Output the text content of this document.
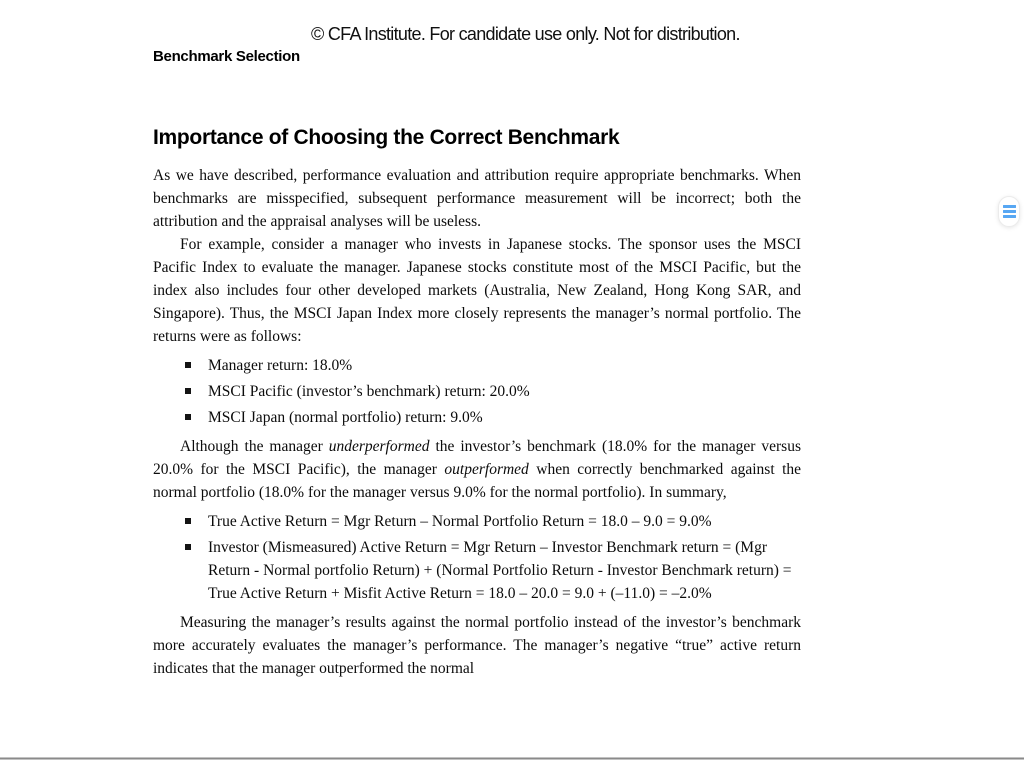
© CFA Institute. For candidate use only. Not for distribution.
Benchmark Selection
Importance of Choosing the Correct Benchmark

As we have described, performance evaluation and attribution require appropriate benchmarks. When benchmarks are misspecified, subsequent performance measurement will be incorrect; both the attribution and the appraisal analyses will be useless.

For example, consider a manager who invests in Japanese stocks. The sponsor uses the MSCI Pacific Index to evaluate the manager. Japanese stocks constitute most of the MSCI Pacific, but the index also includes four other developed markets (Australia, New Zealand, Hong Kong SAR, and Singapore). Thus, the MSCI Japan Index more closely represents the manager’s normal portfolio. The returns were as follows:

Manager return: 18.0%
MSCI Pacific (investor’s benchmark) return: 20.0%
MSCI Japan (normal portfolio) return: 9.0%

Although the manager underperformed the investor’s benchmark (18.0% for the manager versus 20.0% for the MSCI Pacific), the manager outperformed when correctly benchmarked against the normal portfolio (18.0% for the manager versus 9.0% for the normal portfolio). In summary,

True Active Return = Mgr Return – Normal Portfolio Return = 18.0 – 9.0 = 9.0%
Investor (Mismeasured) Active Return = Mgr Return – Investor Benchmark return = (Mgr Return - Normal portfolio Return) + (Normal Portfolio Return - Investor Benchmark return) = True Active Return + Misfit Active Return = 18.0 – 20.0 = 9.0 + (–11.0) = –2.0%

Measuring the manager’s results against the normal portfolio instead of the investor’s benchmark more accurately evaluates the manager’s performance. The manager’s negative “true” active return indicates that the manager outperformed the normal
